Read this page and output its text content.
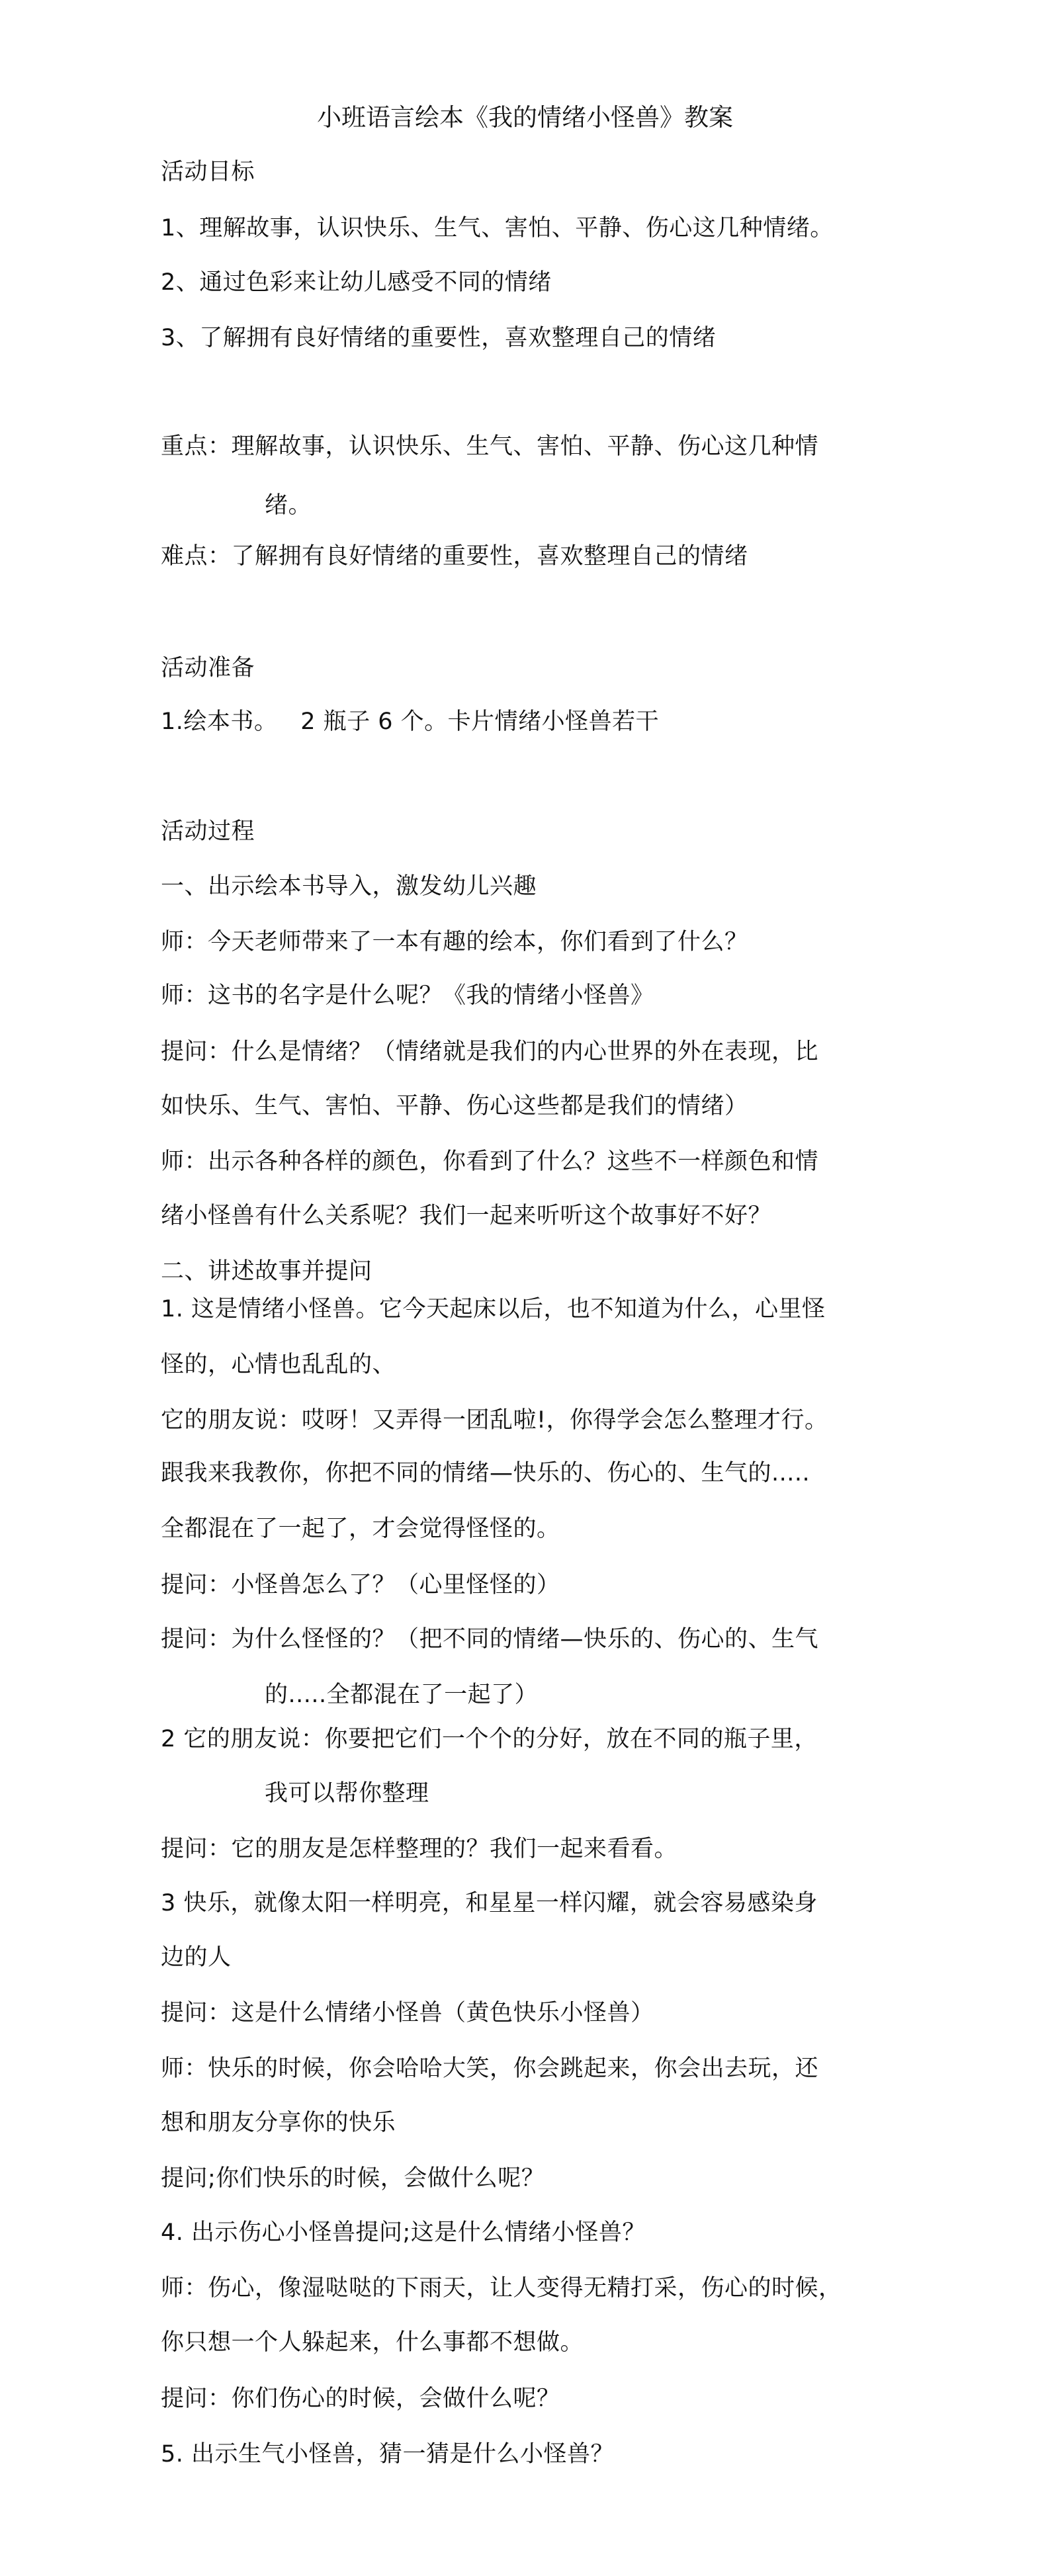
小班语言绘本《我的情绪小怪兽》教案
活动目标
1、理解故事，认识快乐、生气、害怕、平静、伤心这几种情绪。
2、通过色彩来让幼儿感受不同的情绪
3、了解拥有良好情绪的重要性，喜欢整理自己的情绪
重点：理解故事，认识快乐、生气、害怕、平静、伤心这几种情
绪。
难点：了解拥有良好情绪的重要性，喜欢整理自己的情绪
活动准备
1.绘本书。   2 瓶子 6 个。卡片情绪小怪兽若干
活动过程
一、出示绘本书导入，激发幼儿兴趣
师：今天老师带来了一本有趣的绘本，你们看到了什么？
师：这书的名字是什么呢？《我的情绪小怪兽》
提问：什么是情绪？（情绪就是我们的内心世界的外在表现，比
如快乐、生气、害怕、平静、伤心这些都是我们的情绪）
师：出示各种各样的颜色，你看到了什么？这些不一样颜色和情
绪小怪兽有什么关系呢？我们一起来听听这个故事好不好？
二、讲述故事并提问
1. 这是情绪小怪兽。它今天起床以后，也不知道为什么，心里怪
怪的，心情也乱乱的、
它的朋友说：哎呀！又弄得一团乱啦!，你得学会怎么整理才行。
跟我来我教你，你把不同的情绪—快乐的、伤心的、生气的.....
全都混在了一起了，才会觉得怪怪的。
提问：小怪兽怎么了？（心里怪怪的）
提问：为什么怪怪的？（把不同的情绪—快乐的、伤心的、生气
的.....全都混在了一起了）
2 它的朋友说：你要把它们一个个的分好，放在不同的瓶子里，
我可以帮你整理
提问：它的朋友是怎样整理的？我们一起来看看。
3 快乐，就像太阳一样明亮，和星星一样闪耀，就会容易感染身
边的人
提问：这是什么情绪小怪兽（黄色快乐小怪兽）
师：快乐的时候，你会哈哈大笑，你会跳起来，你会出去玩，还
想和朋友分享你的快乐
提问;你们快乐的时候，会做什么呢？
4. 出示伤心小怪兽提问;这是什么情绪小怪兽？
师：伤心，像湿哒哒的下雨天，让人变得无精打采，伤心的时候，
你只想一个人躲起来，什么事都不想做。
提问：你们伤心的时候，会做什么呢？
5. 出示生气小怪兽，猜一猜是什么小怪兽？
